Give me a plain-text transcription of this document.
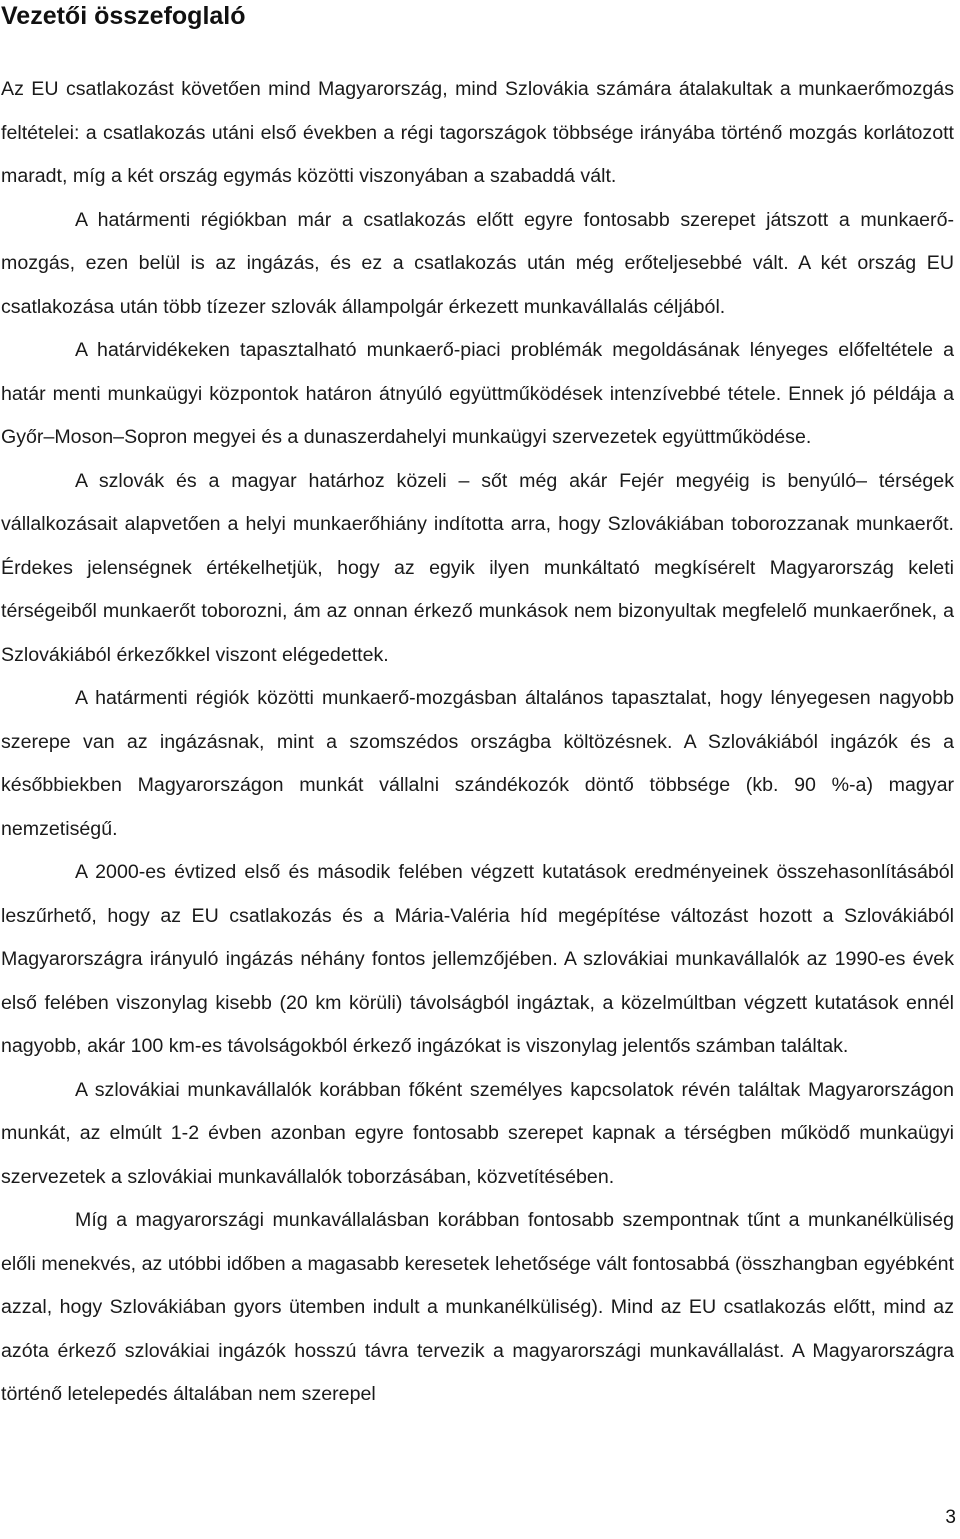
Vezetői összefoglaló

Az EU csatlakozást követően mind Magyarország, mind Szlovákia számára átalakultak a munkaerőmozgás feltételei: a csatlakozás utáni első években a régi tagországok többsége irányába történő mozgás korlátozott maradt, míg a két ország egymás közötti viszonyában a szabaddá vált.

A határmenti régiókban már a csatlakozás előtt egyre fontosabb szerepet játszott a munkaerő-mozgás, ezen belül is az ingázás, és ez a csatlakozás után még erőteljesebbé vált. A két ország EU csatlakozása után több tízezer szlovák állampolgár érkezett munkavállalás céljából.

A határvidékeken tapasztalható munkaerő-piaci problémák megoldásának lényeges előfeltétele a határ menti munkaügyi központok határon átnyúló együttműködések intenzívebbé tétele. Ennek jó példája a Győr–Moson–Sopron megyei és a dunaszerdahelyi munkaügyi szervezetek együttműködése.

A szlovák és a magyar határhoz közeli – sőt még akár Fejér megyéig is benyúló– térségek vállalkozásait alapvetően a helyi munkaerőhiány indította arra, hogy Szlovákiában toborozzanak munkaerőt. Érdekes jelenségnek értékelhetjük, hogy az egyik ilyen munkáltató megkísérelt Magyarország keleti térségeiből munkaerőt toborozni, ám az onnan érkező munkások nem bizonyultak megfelelő munkaerőnek, a Szlovákiából érkezőkkel viszont elégedettek.

A határmenti régiók közötti munkaerő-mozgásban általános tapasztalat, hogy lényegesen nagyobb szerepe van az ingázásnak, mint a szomszédos országba költözésnek. A Szlovákiából ingázók és a későbbiekben Magyarországon munkát vállalni szándékozók döntő többsége (kb. 90 %-a) magyar nemzetiségű.

A 2000-es évtized első és második felében végzett kutatások eredményeinek összehasonlításából leszűrhető, hogy az EU csatlakozás és a Mária-Valéria híd megépítése változást hozott a Szlovákiából Magyarországra irányuló ingázás néhány fontos jellemzőjében. A szlovákiai munkavállalók az 1990-es évek első felében viszonylag kisebb (20 km körüli) távolságból ingáztak, a közelmúltban végzett kutatások ennél nagyobb, akár 100 km-es távolságokból érkező ingázókat is viszonylag jelentős számban találtak.

A szlovákiai munkavállalók korábban főként személyes kapcsolatok révén találtak Magyarországon munkát, az elmúlt 1-2 évben azonban egyre fontosabb szerepet kapnak a térségben működő munkaügyi szervezetek a szlovákiai munkavállalók toborzásában, közvetítésében.

Míg a magyarországi munkavállalásban korábban fontosabb szempontnak tűnt a munkanélküliség előli menekvés, az utóbbi időben a magasabb keresetek lehetősége vált fontosabbá (összhangban egyébként azzal, hogy Szlovákiában gyors ütemben indult a munkanélküliség). Mind az EU csatlakozás előtt, mind az azóta érkező szlovákiai ingázók hosszú távra tervezik a magyarországi munkavállalást. A Magyarországra történő letelepedés általában nem szerepel

3
